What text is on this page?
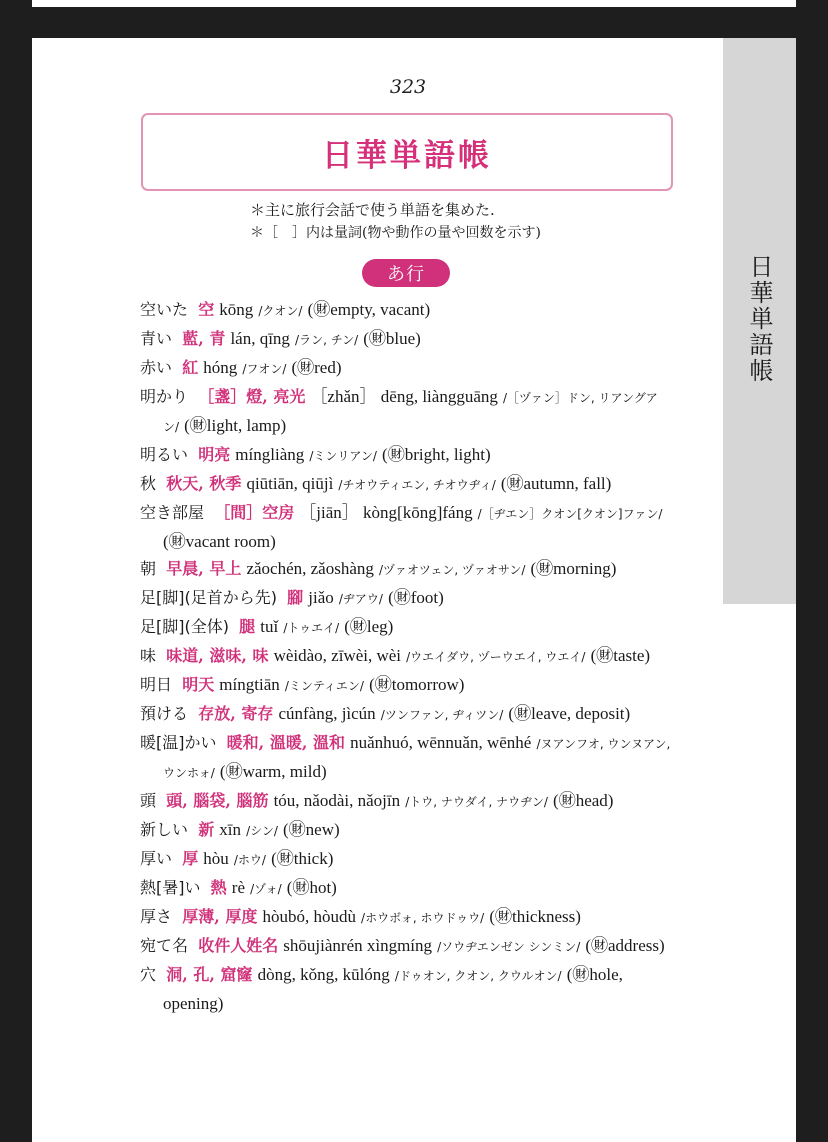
日華単語帳
323
日華単語帳
＊主に旅行会話で使う単語を集めた.
＊［　］内は量詞(物や動作の量や回数を示す)
あ行
空いた 空 kōng /クオン/ (㊖empty, vacant)
青い 藍, 青 lán, qīng /ラン, チン/ (㊖blue)
赤い 紅 hóng /フオン/ (㊖red)
明かり ［盞］燈, 亮光 ［zhǎn］ dēng, liàngguāng /［ヅァン］ドン, リアングアン/ (㊖light, lamp)
明るい 明亮 míngliàng /ミンリアン/ (㊖bright, light)
秋 秋天, 秋季 qiūtiān, qiūjì /チオウティエン, チオウヂィ/ (㊖autumn, fall)
空き部屋 ［間］空房 ［jiān］ kòng[kōng]fáng /［ヂエン］クオン[クオン]ファン/ (㊖vacant room)
朝 早晨, 早上 zǎochén, zǎoshàng /ヅァオツェン, ヅァオサン/ (㊖morning)
足[脚](足首から先) 腳 jiǎo /ヂアウ/ (㊖foot)
足[脚](全体) 腿 tuǐ /トゥエイ/ (㊖leg)
味 味道, 滋味, 味 wèidào, zīwèi, wèi /ウエイダウ, ヅーウエイ, ウエイ/ (㊖taste)
明日 明天 míngtiān /ミンティエン/ (㊖tomorrow)
預ける 存放, 寄存 cúnfàng, jìcún /ツンファン, ヂィツン/ (㊖leave, deposit)
暖[温]かい 暖和, 溫暖, 溫和 nuǎnhuó, wēnnuǎn, wēnhé /ヌアンフオ, ウンヌアン, ウンホォ/ (㊖warm, mild)
頭 頭, 腦袋, 腦筋 tóu, nǎodài, nǎojīn /トウ, ナウダイ, ナウヂン/ (㊖head)
新しい 新 xīn /シン/ (㊖new)
厚い 厚 hòu /ホウ/ (㊖thick)
熱[暑]い 熱 rè /ゾォ/ (㊖hot)
厚さ 厚薄, 厚度 hòubó, hòudù /ホウボォ, ホウドゥウ/ (㊖thickness)
宛て名 收件人姓名 shōujiànrén xìngmíng /ソウヂエンゼン シンミン/ (㊖address)
穴 洞, 孔, 窟窿 dòng, kǒng, kūlóng /ドゥオン, クオン, クウルオン/ (㊖hole, opening)
